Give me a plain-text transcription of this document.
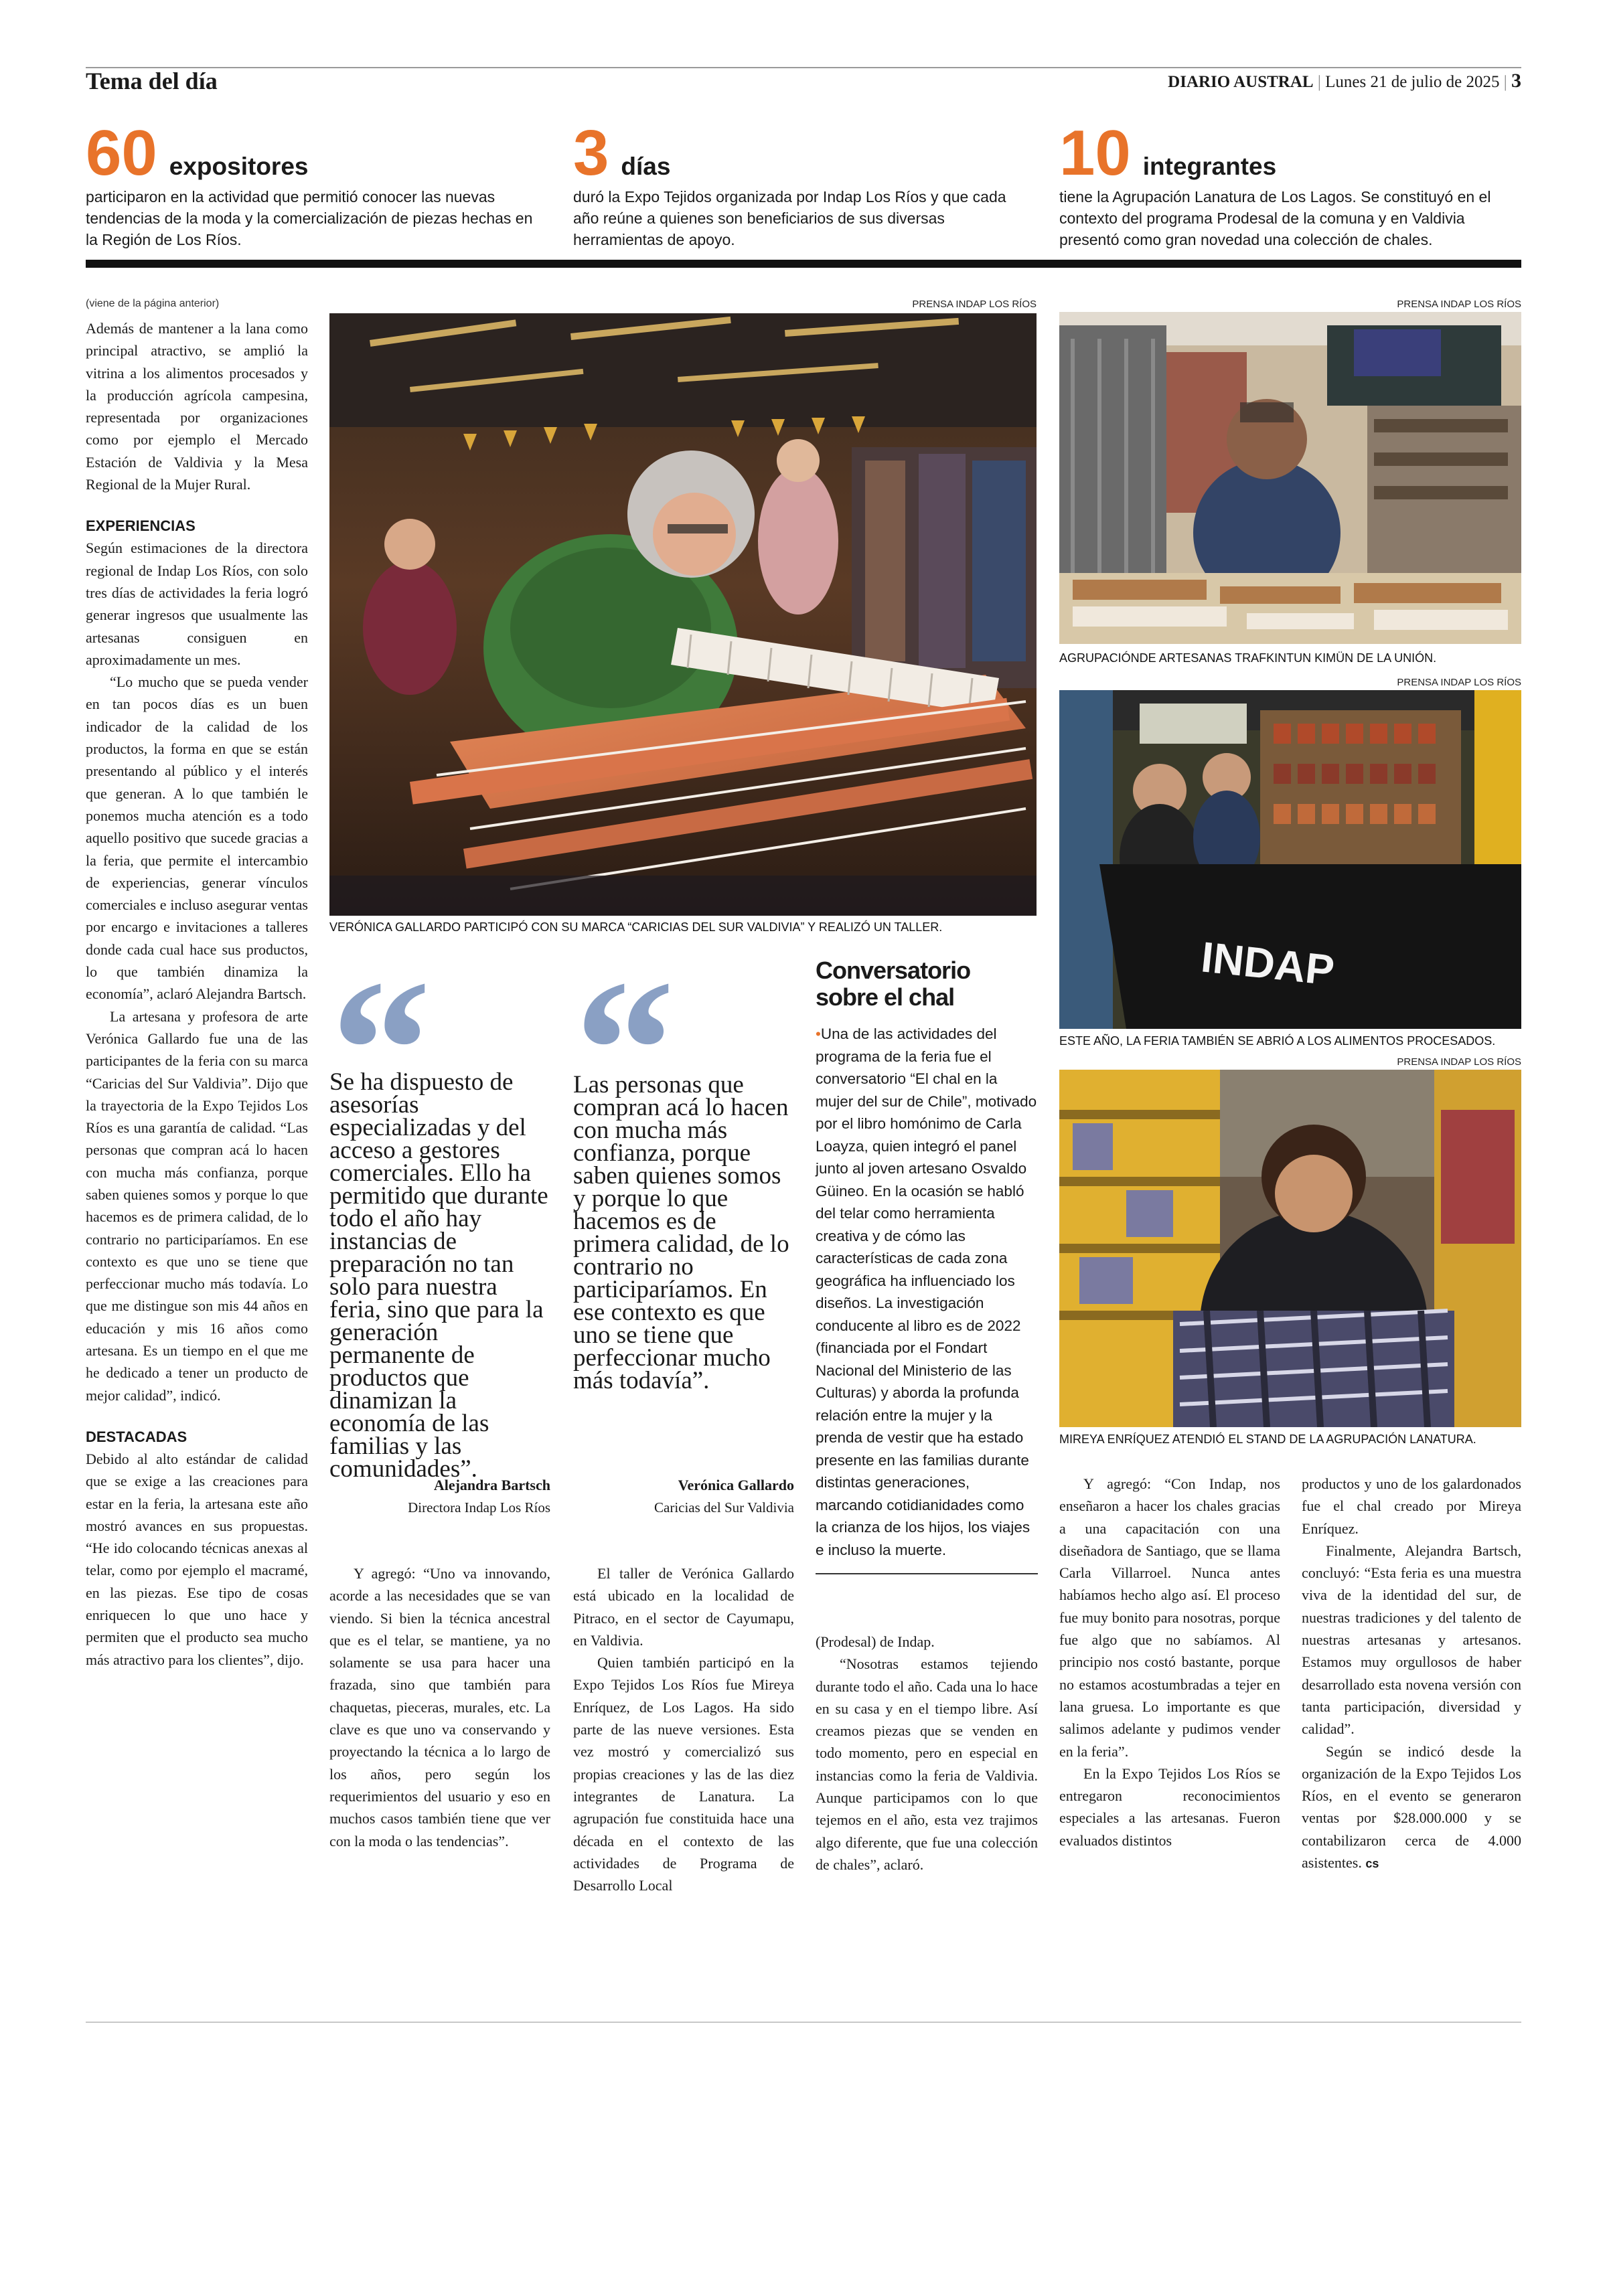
Tema del día	DIARIO AUSTRAL | Lunes 21 de julio de 2025 | 3
60 expositores
participaron en la actividad que permitió conocer las nuevas tendencias de la moda y la comercialización de piezas hechas en la Región de Los Ríos.
3 días
duró la Expo Tejidos organizada por Indap Los Ríos y que cada año reúne a quienes son beneficiarios de sus diversas herramientas de apoyo.
10 integrantes
tiene la Agrupación Lanatura de Los Lagos. Se constituyó en el contexto del programa Prodesal de la comuna y en Valdivia presentó como gran novedad una colección de chales.
(viene de la página anterior)

Además de mantener a la lana como principal atractivo, se amplió la vitrina a los alimentos procesados y la producción agrícola campesina, representada por organizaciones como por ejemplo el Mercado Estación de Valdivia y la Mesa Regional de la Mujer Rural.

EXPERIENCIAS

Según estimaciones de la directora regional de Indap Los Ríos, con solo tres días de actividades la feria logró generar ingresos que usualmente las artesanas consiguen en aproximadamente un mes.

“Lo mucho que se pueda vender en tan pocos días es un buen indicador de la calidad de los productos, la forma en que se están presentando al público y el interés que generan. A lo que también le ponemos mucha atención es a todo aquello positivo que sucede gracias a la feria, que permite el intercambio de experiencias, generar vínculos comerciales e incluso asegurar ventas por encargo e invitaciones a talleres donde cada cual hace sus productos, lo que también dinamiza la economía”, aclaró Alejandra Bartsch.

La artesana y profesora de arte Verónica Gallardo fue una de las participantes de la feria con su marca “Caricias del Sur Valdivia”. Dijo que la trayectoria de la Expo Tejidos Los Ríos es una garantía de calidad. “Las personas que compran acá lo hacen con mucha más confianza, porque saben quienes somos y porque lo que hacemos es de primera calidad, de lo contrario no participaríamos. En ese contexto es que uno se tiene que perfeccionar mucho más todavía. Lo que me distingue son mis 44 años en educación y mis 16 años como artesana. Es un tiempo en el que me he dedicado a tener un producto de mejor calidad”, indicó.

DESTACADAS

Debido al alto estándar de calidad que se exige a las creaciones para estar en la feria, la artesana este año mostró avances en sus propuestas. “He ido colocando técnicas anexas al telar, como por ejemplo el macramé, en las piezas. Ese tipo de cosas enriquecen lo que uno hace y permiten que el producto sea mucho más atractivo para los clientes”, dijo.

PRENSA INDAP LOS RÍOS
VERÓNICA GALLARDO PARTICIPÓ CON SU MARCA “CARICIAS DEL SUR VALDIVIA” Y REALIZÓ UN TALLER.
PRENSA INDAP LOS RÍOS
AGRUPACIÓNDE ARTESANAS TRAFKINTUN KIMÜN DE LA UNIÓN.
PRENSA INDAP LOS RÍOS
INDAP
ESTE AÑO, LA FERIA TAMBIÉN SE ABRIÓ A LOS ALIMENTOS PROCESADOS.
PRENSA INDAP LOS RÍOS
MIREYA ENRÍQUEZ ATENDIÓ EL STAND DE LA AGRUPACIÓN LANATURA.
Se ha dispuesto de asesorías especializadas y del acceso a gestores comerciales. Ello ha permitido que durante todo el año hay instancias de preparación no tan solo para nuestra feria, sino que para la generación permanente de productos que dinamizan la economía de las familias y las comunidades”.
Alejandra Bartsch
Directora Indap Los Ríos
Las personas que compran acá lo hacen con mucha más confianza, porque saben quienes somos y porque lo que hacemos es de primera calidad, de lo contrario no participaríamos. En ese contexto es que uno se tiene que perfeccionar mucho más todavía”.
Verónica Gallardo
Caricias del Sur Valdivia
Conversatorio
sobre el chal
•Una de las actividades del programa de la feria fue el conversatorio “El chal en la mujer del sur de Chile”, motivado por el libro homónimo de Carla Loayza, quien integró el panel junto al joven artesano Osvaldo Güineo. En la ocasión se habló del telar como herramienta creativa y de cómo las características de cada zona geográfica ha influenciado los diseños. La investigación conducente al libro es de 2022 (financiada por el Fondart Nacional del Ministerio de las Culturas) y aborda la profunda relación entre la mujer y la prenda de vestir que ha estado presente en las familias durante distintas generaciones, marcando cotidianidades como la crianza de los hijos, los viajes e incluso la muerte.

Y agregó: “Uno va innovando, acorde a las necesidades que se van viendo. Si bien la técnica ancestral que es el telar, se mantiene, ya no solamente se usa para hacer una frazada, sino que también para chaquetas, pieceras, murales, etc. La clave es que uno va conservando y proyectando la técnica a lo largo de los años, pero según los requerimientos del usuario y eso en muchos casos también tiene que ver con la moda o las tendencias”.

El taller de Verónica Gallardo está ubicado en la localidad de Pitraco, en el sector de Cayumapu, en Valdivia.

Quien también participó en la Expo Tejidos Los Ríos fue Mireya Enríquez, de Los Lagos. Ha sido parte de las nueve versiones. Esta vez mostró y comercializó sus propias creaciones y las de las diez integrantes de Lanatura. La agrupación fue constituida hace una década en el contexto de las actividades de Programa de Desarrollo Local

(Prodesal) de Indap.

“Nosotras estamos tejiendo durante todo el año. Cada una lo hace en su casa y en el tiempo libre. Así creamos piezas que se venden en todo momento, pero en especial en instancias como la feria de Valdivia. Aunque participamos con lo que tejemos en el año, esta vez trajimos algo diferente, que fue una colección de chales”, aclaró.

Y agregó: “Con Indap, nos enseñaron a hacer los chales gracias a una capacitación con una diseñadora de Santiago, que se llama Carla Villarroel. Nunca antes habíamos hecho algo así. El proceso fue muy bonito para nosotras, porque fue algo que no sabíamos. Al principio nos costó bastante, porque no estamos acostumbradas a tejer en lana gruesa. Lo importante es que salimos adelante y pudimos vender en la feria”.

En la Expo Tejidos Los Ríos se entregaron reconocimientos especiales a las artesanas. Fueron evaluados distintos

productos y uno de los galardonados fue el chal creado por Mireya Enríquez.

Finalmente, Alejandra Bartsch, concluyó: “Esta feria es una muestra viva de la identidad del sur, de nuestras tradiciones y del talento de nuestras artesanas y artesanos. Estamos muy orgullosos de haber desarrollado esta novena versión con tanta participación, diversidad y calidad”.

Según se indicó desde la organización de la Expo Tejidos Los Ríos, en el evento se generaron ventas por $28.000.000 y se contabilizaron cerca de 4.000 asistentes. cs
